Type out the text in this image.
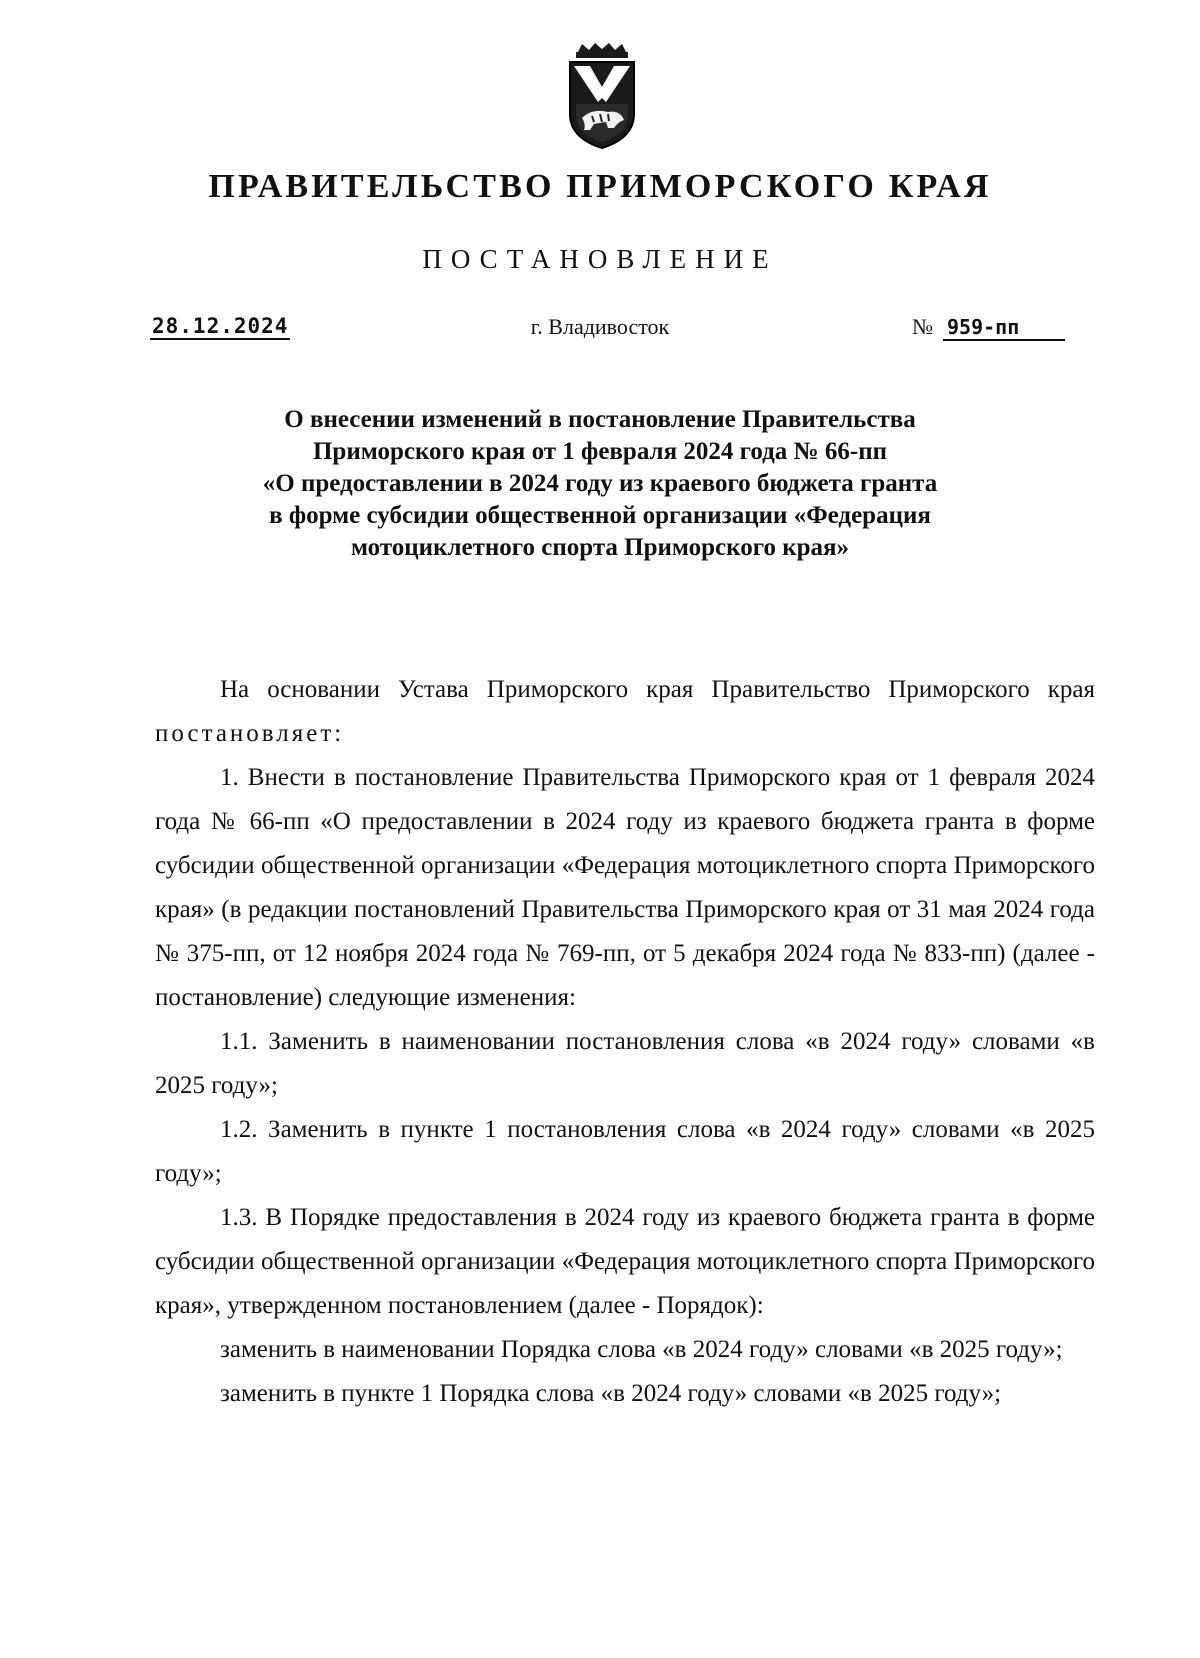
ПРАВИТЕЛЬСТВО ПРИМОРСКОГО КРАЯ
ПОСТАНОВЛЕНИЕ
28.12.2024	г. Владивосток	№ 959-пп
О внесении изменений в постановление Правительства
Приморского края от 1 февраля 2024 года № 66-пп
«О предоставлении в 2024 году из краевого бюджета гранта
в форме субсидии общественной организации «Федерация
мотоциклетного спорта Приморского края»

На основании Устава Приморского края Правительство Приморского края постановляет:

1. Внести в постановление Правительства Приморского края от 1 февраля 2024 года № 66-пп «О предоставлении в 2024 году из краевого бюджета гранта в форме субсидии общественной организации «Федерация мотоциклетного спорта Приморского края» (в редакции постановлений Правительства Приморского края от 31 мая 2024 года № 375-пп, от 12 ноября 2024 года № 769-пп, от 5 декабря 2024 года № 833-пп) (далее - постановление) следующие изменения:

1.1. Заменить в наименовании постановления слова «в 2024 году» словами «в 2025 году»;

1.2. Заменить в пункте 1 постановления слова «в 2024 году» словами «в 2025 году»;

1.3. В Порядке предоставления в 2024 году из краевого бюджета гранта в форме субсидии общественной организации «Федерация мотоциклетного спорта Приморского края», утвержденном постановлением (далее - Порядок):

заменить в наименовании Порядка слова «в 2024 году» словами «в 2025 году»;

заменить в пункте 1 Порядка слова «в 2024 году» словами «в 2025 году»;
